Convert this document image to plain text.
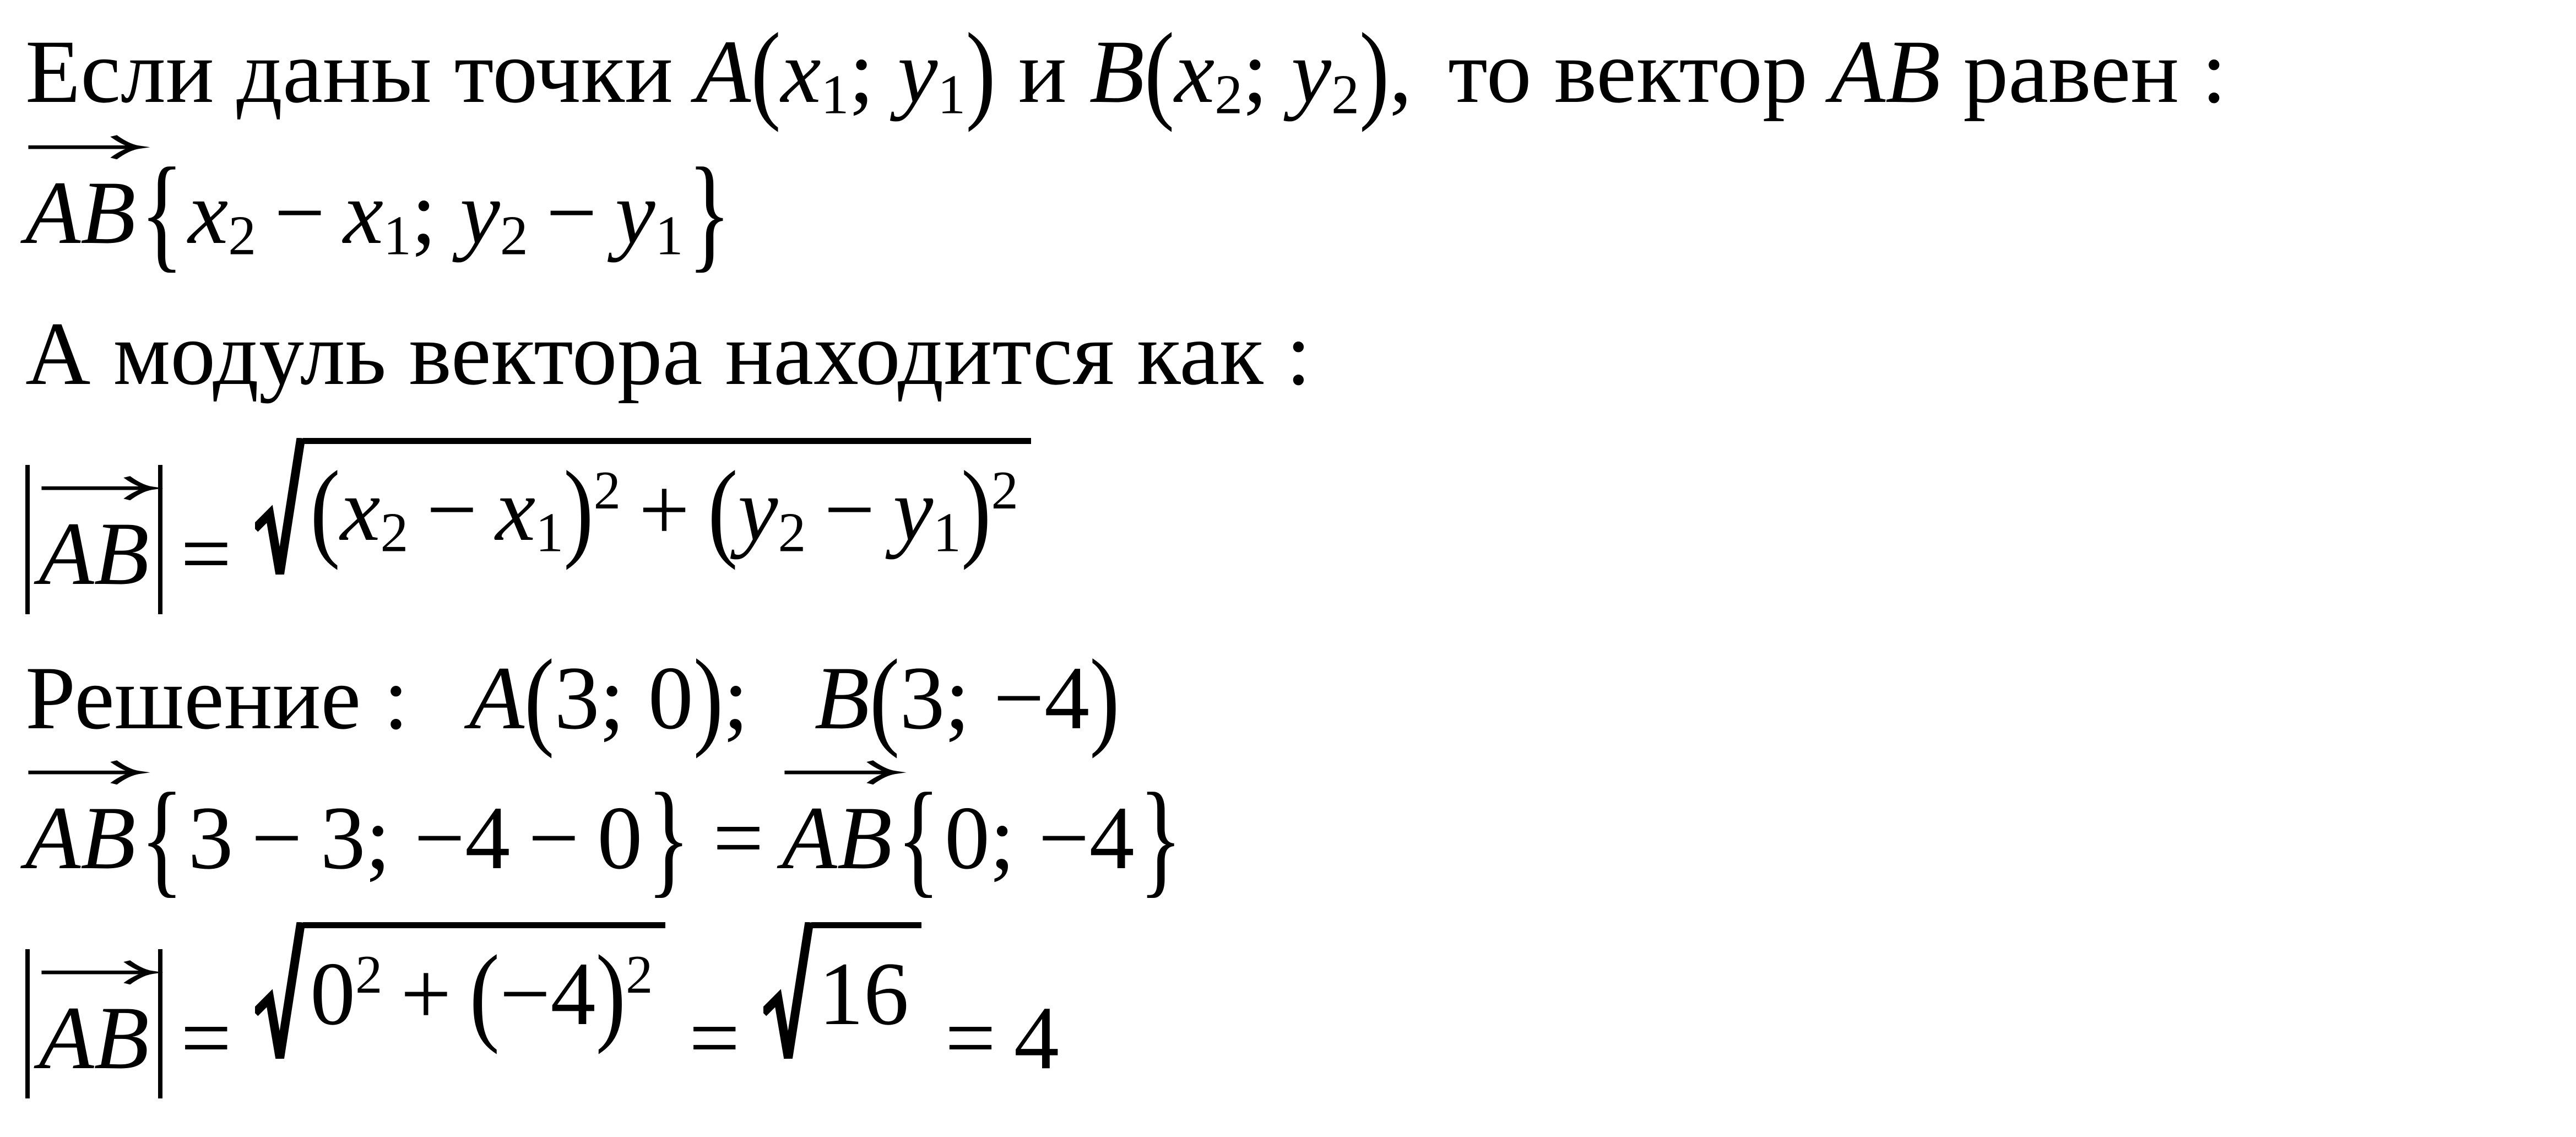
Если даны точки A(x1; y1) и B(x2; y2), то вектор AB равен :
AB{x2 − x1; y2 − y1}
А модуль вектора находится как :
AB = $(x2 - x1)^2 + (y2 - y1)^2$
Решение : A(3; 0); B(3; −4)
AB{3 − 3; −4 − 0} = AB{0; −4}
AB = $0^2 + (-4)^2$
= 16 = 4
